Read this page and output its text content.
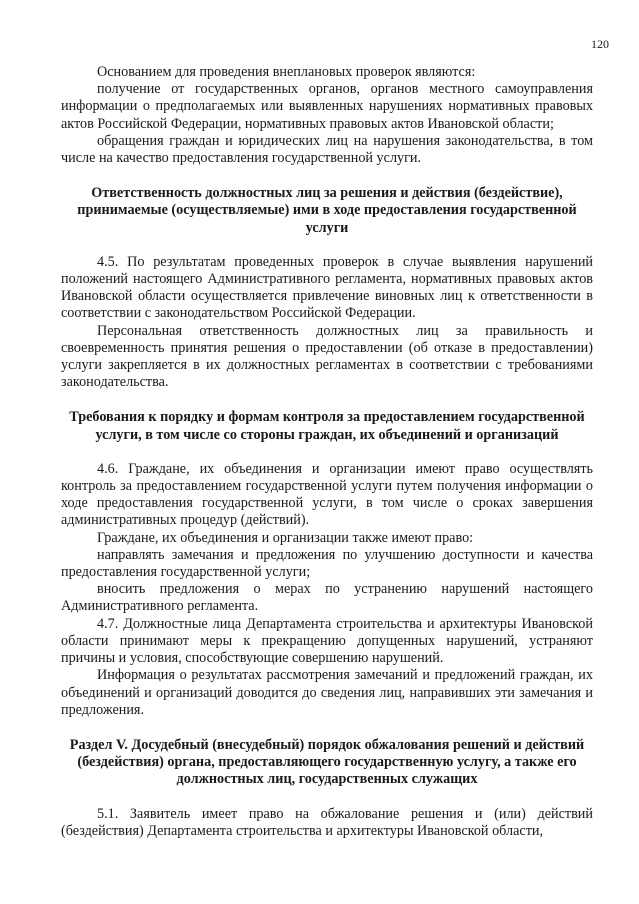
120

Основанием для проведения внеплановых проверок являются:

получение от государственных органов, органов местного самоуправления информации о предполагаемых или выявленных нарушениях нормативных правовых актов Российской Федерации, нормативных правовых актов Ивановской области;

обращения граждан и юридических лиц на нарушения законодательства, в том числе на качество предоставления государственной услуги.

Ответственность должностных лиц за решения и действия (бездействие), принимаемые (осуществляемые) ими в ходе предоставления государственной услуги

4.5. По результатам проведенных проверок в случае выявления нарушений положений настоящего Административного регламента, нормативных правовых актов Ивановской области осуществляется привлечение виновных лиц к ответственности в соответствии с законодательством Российской Федерации.

Персональная ответственность должностных лиц за правильность и своевременность принятия решения о предоставлении (об отказе в предоставлении) услуги закрепляется в их должностных регламентах в соответствии с требованиями законодательства.

Требования к порядку и формам контроля за предоставлением государственной услуги, в том числе со стороны граждан, их объединений и организаций

4.6. Граждане, их объединения и организации имеют право осуществлять контроль за предоставлением государственной услуги путем получения информации о ходе предоставления государственной услуги, в том числе о сроках завершения административных процедур (действий).

Граждане, их объединения и организации также имеют право:

направлять замечания и предложения по улучшению доступности и качества предоставления государственной услуги;

вносить предложения о мерах по устранению нарушений настоящего Административного регламента.

4.7. Должностные лица Департамента строительства и архитектуры Ивановской области принимают меры к прекращению допущенных нарушений, устраняют причины и условия, способствующие совершению нарушений.

Информация о результатах рассмотрения замечаний и предложений граждан, их объединений и организаций доводится до сведения лиц, направивших эти замечания и предложения.

Раздел V. Досудебный (внесудебный) порядок обжалования решений и действий (бездействия) органа, предоставляющего государственную услугу, а также его должностных лиц, государственных служащих

5.1. Заявитель имеет право на обжалование решения и (или) действий (бездействия) Департамента строительства и архитектуры Ивановской области,
